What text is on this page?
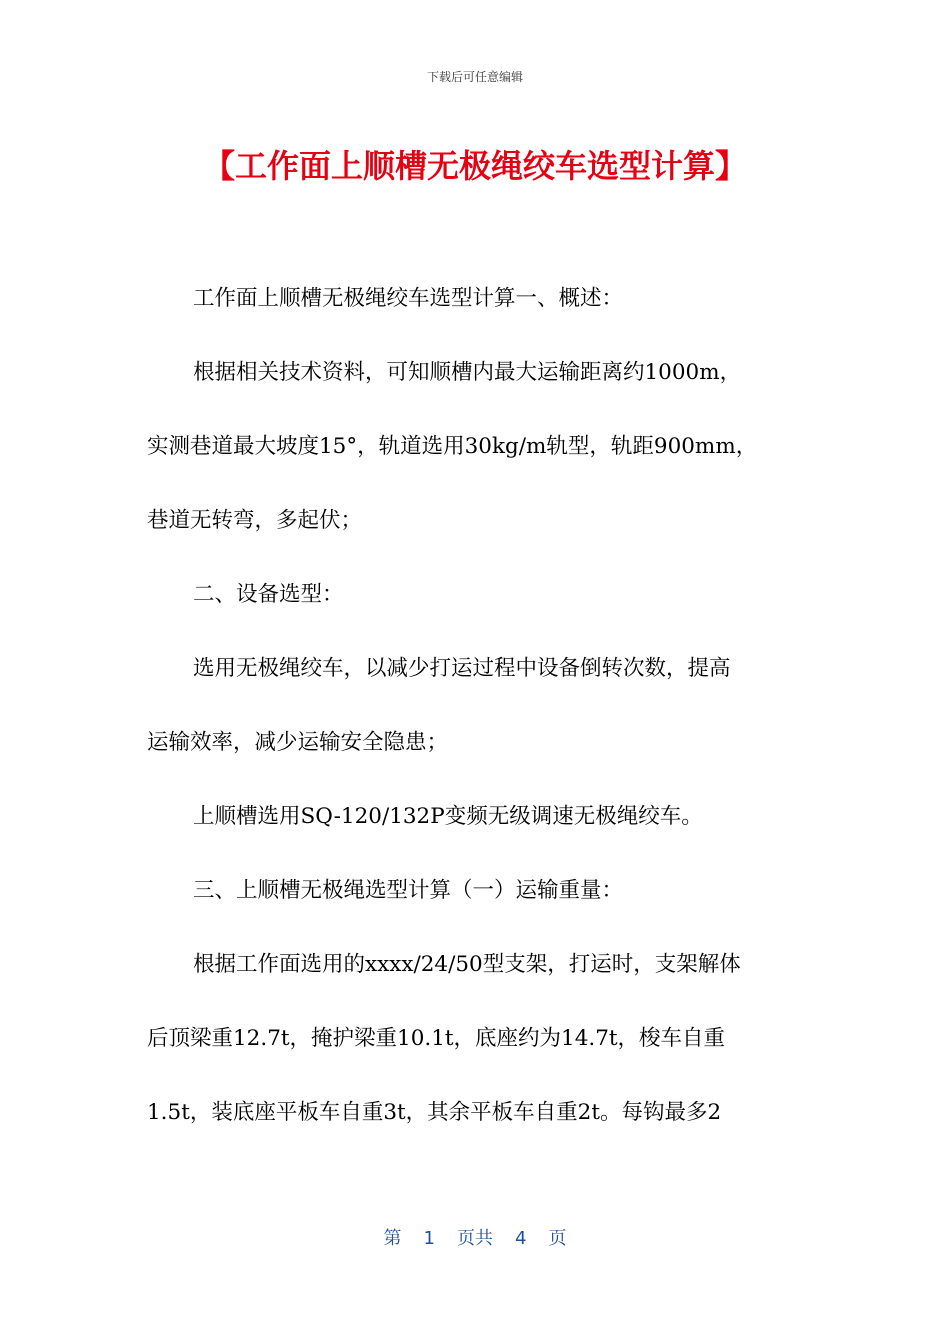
下载后可任意编辑
【工作面上顺槽无极绳绞车选型计算】

工作面上顺槽无极绳绞车选型计算一、概述：

根据相关技术资料，可知顺槽内最大运输距离约1000m，

实测巷道最大坡度15°，轨道选用30kg/m轨型，轨距900mm，

巷道无转弯，多起伏；

二、设备选型：

选用无极绳绞车，以减少打运过程中设备倒转次数，提高

运输效率，减少运输安全隐患；

上顺槽选用SQ-120/132P变频无级调速无极绳绞车。

三、上顺槽无极绳选型计算（一）运输重量：

根据工作面选用的xxxx/24/50型支架，打运时，支架解体

后顶梁重12.7t，掩护梁重10.1t，底座约为14.7t，梭车自重

1.5t，装底座平板车自重3t，其余平板车自重2t。每钩最多2

第 1 页共 4 页
